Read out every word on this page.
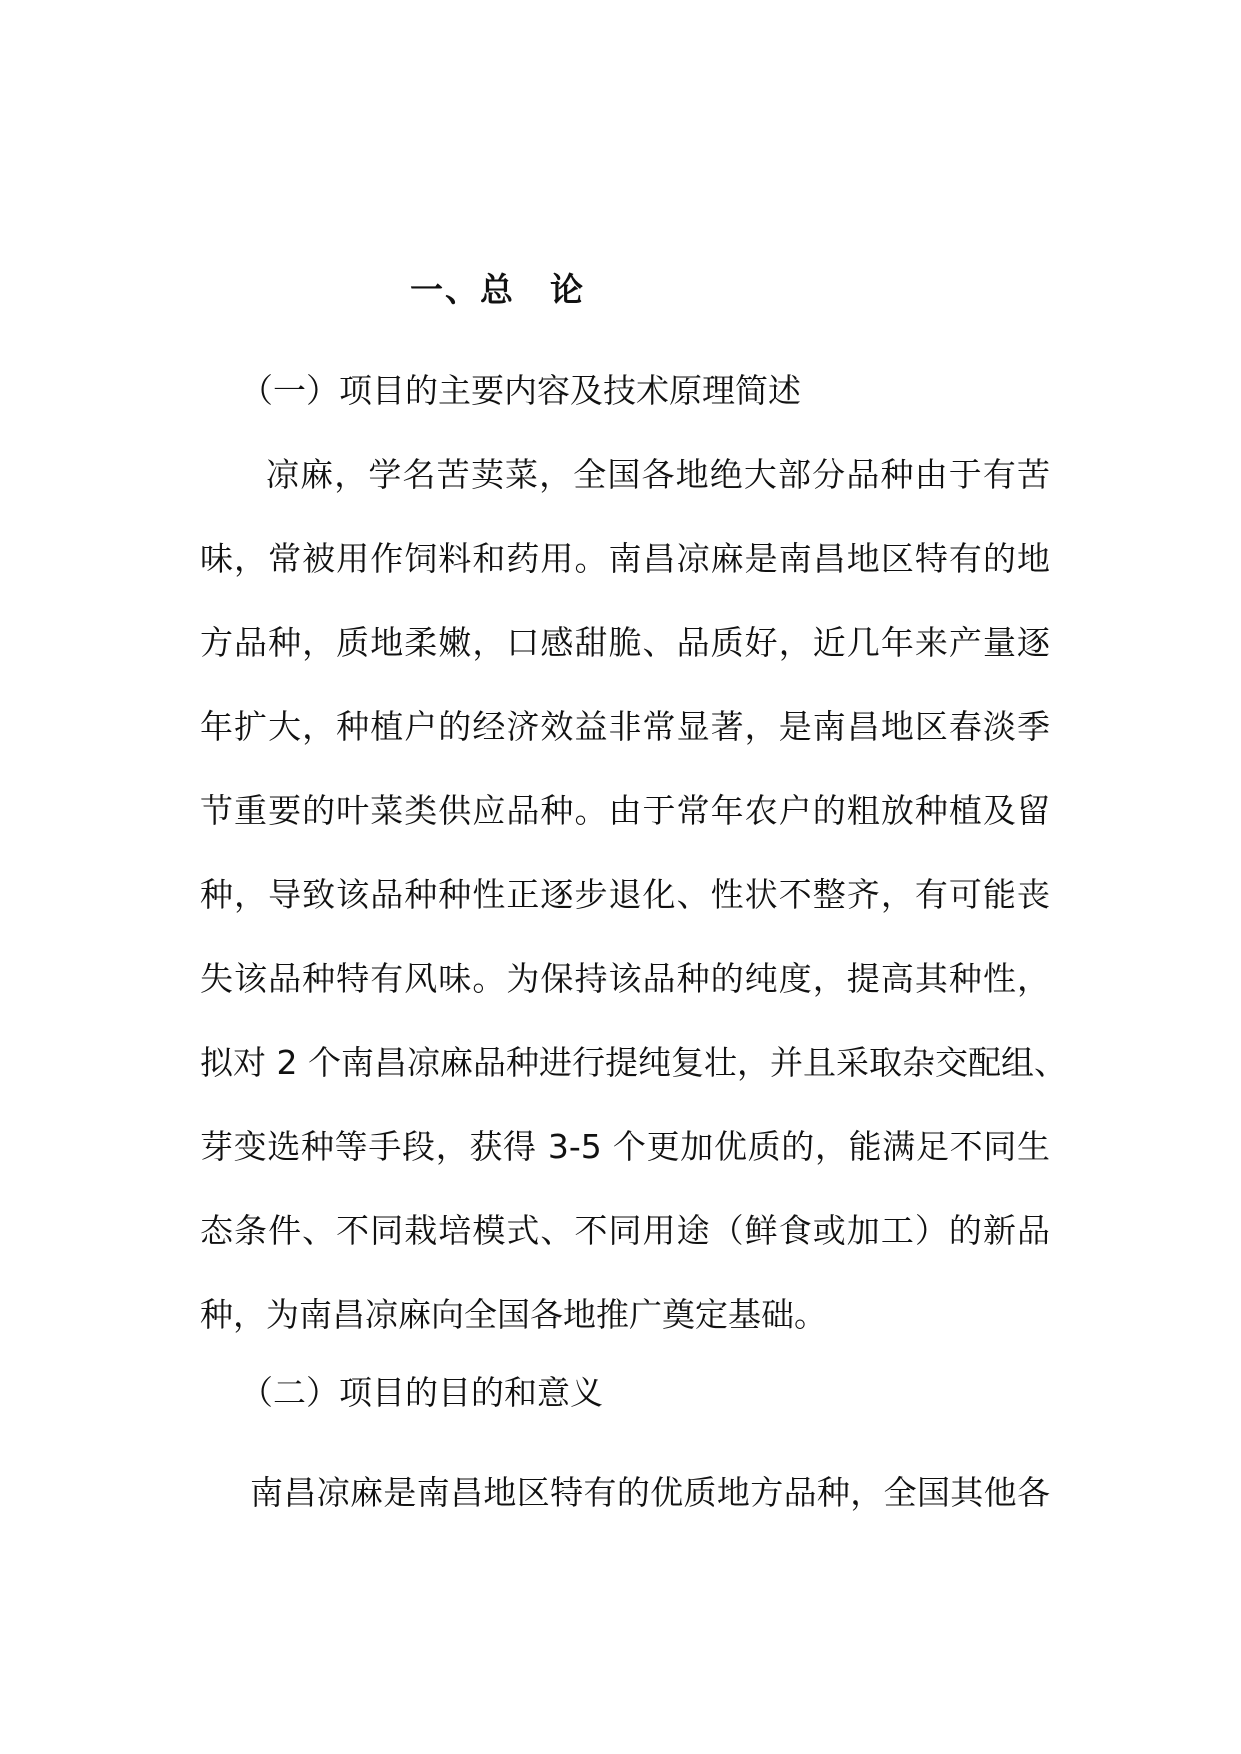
一、总　论
（一）项目的主要内容及技术原理简述
凉麻，学名苦荬菜，全国各地绝大部分品种由于有苦
味，常被用作饲料和药用。南昌凉麻是南昌地区特有的地
方品种，质地柔嫩，口感甜脆、品质好，近几年来产量逐
年扩大，种植户的经济效益非常显著，是南昌地区春淡季
节重要的叶菜类供应品种。由于常年农户的粗放种植及留
种，导致该品种种性正逐步退化、性状不整齐，有可能丧
失该品种特有风味。为保持该品种的纯度，提高其种性，
拟对 2 个南昌凉麻品种进行提纯复壮，并且采取杂交配组、
芽变选种等手段，获得 3-5 个更加优质的，能满足不同生
态条件、不同栽培模式、不同用途（鲜食或加工）的新品
种，为南昌凉麻向全国各地推广奠定基础。
（二）项目的目的和意义
南昌凉麻是南昌地区特有的优质地方品种，全国其他各
